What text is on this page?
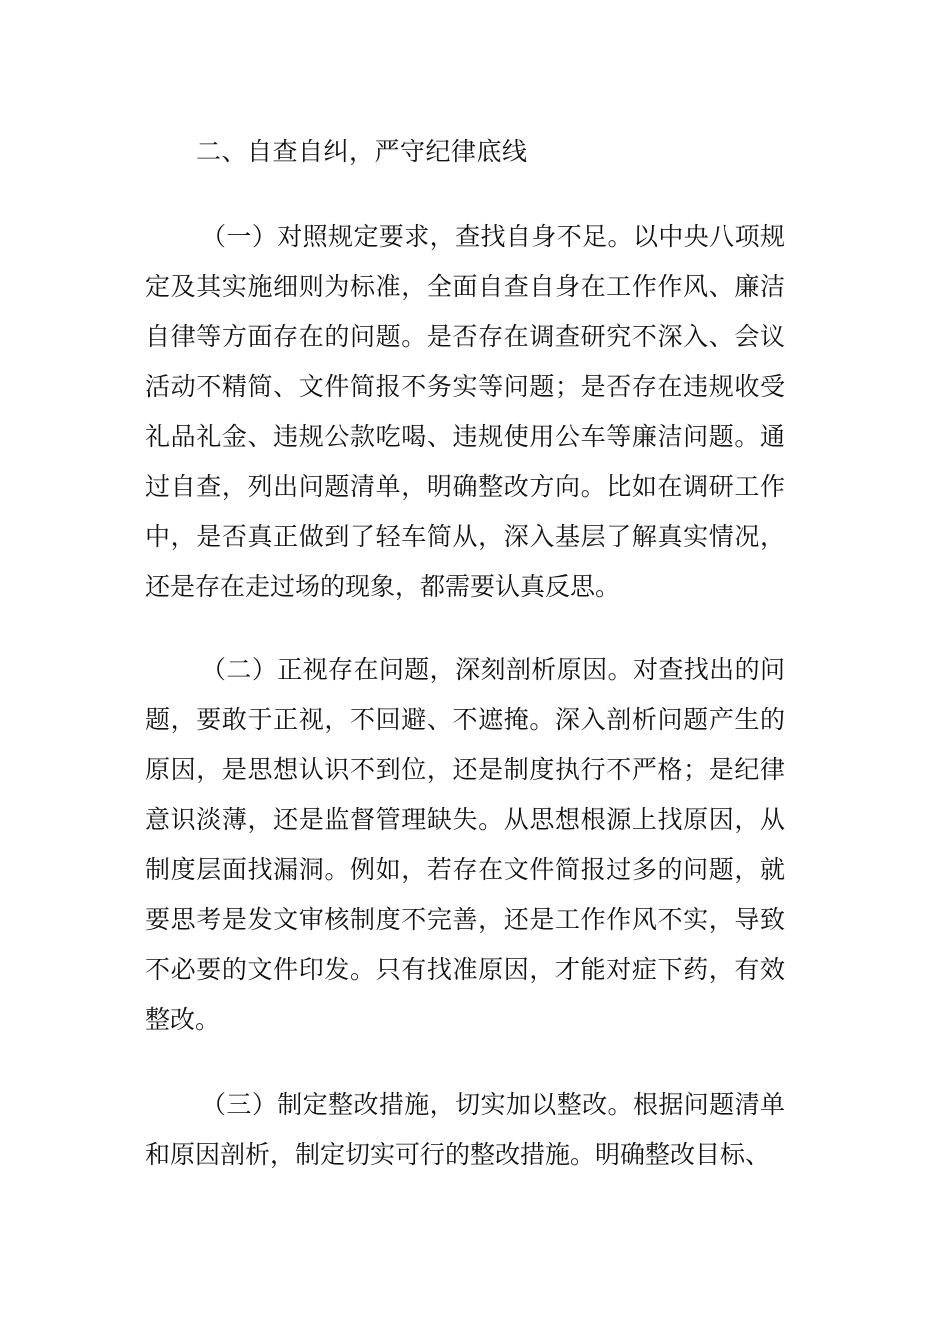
二、自查自纠，严守纪律底线

（一）对照规定要求，查找自身不足。以中央八项规定及其实施细则为标准，全面自查自身在工作作风、廉洁自律等方面存在的问题。是否存在调查研究不深入、会议活动不精简、文件简报不务实等问题；是否存在违规收受礼品礼金、违规公款吃喝、违规使用公车等廉洁问题。通过自查，列出问题清单，明确整改方向。比如在调研工作中，是否真正做到了轻车简从，深入基层了解真实情况，还是存在走过场的现象，都需要认真反思。

（二）正视存在问题，深刻剖析原因。对查找出的问题，要敢于正视，不回避、不遮掩。深入剖析问题产生的原因，是思想认识不到位，还是制度执行不严格；是纪律意识淡薄，还是监督管理缺失。从思想根源上找原因，从制度层面找漏洞。例如，若存在文件简报过多的问题，就要思考是发文审核制度不完善，还是工作作风不实，导致不必要的文件印发。只有找准原因，才能对症下药，有效整改。

（三）制定整改措施，切实加以整改。根据问题清单和原因剖析，制定切实可行的整改措施。明确整改目标、
